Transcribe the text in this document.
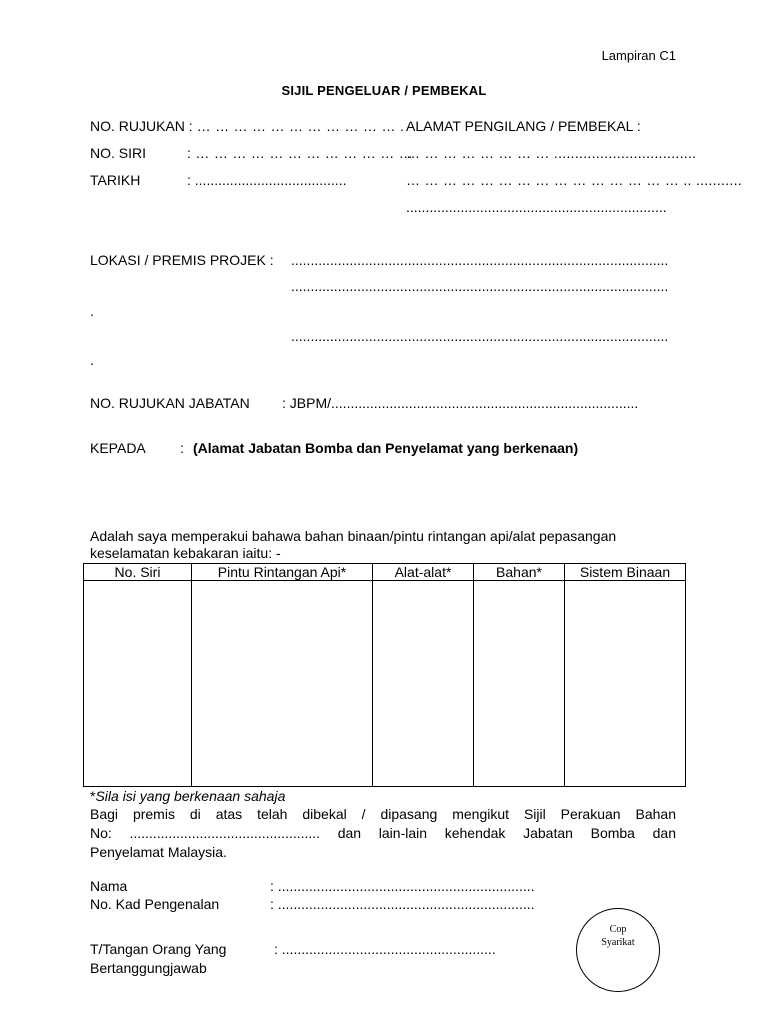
Lampiran C1
SIJIL PENGELUAR / PEMBEKAL
NO. RUJUKAN : … … … … … … … … … … … .
NO. SIRI	: … … … … … … … … … … … …
TARIKH	: .......................................
ALAMAT PENGILANG / PEMBEKAL :
… … … … … … … … ..................................
… … … … … … … … … … … … … … … .. ...........
...................................................................
LOKASI / PREMIS PROJEK : .................................................................................................
.................................................................................................
.
.................................................................................................
.
NO. RUJUKAN JABATAN : JBPM/...............................................................................
KEPADA : (Alamat Jabatan Bomba dan Penyelamat yang berkenaan)
Adalah saya memperakui bahawa bahan binaan/pintu rintangan api/alat pepasangan
keselamatan kebakaran iaitu: -
No. Siri	Pintu Rintangan Api*	Alat-alat*	Bahan*	Sistem Binaan

*Sila isi yang berkenaan sahaja
Bagi premis di atas telah dibekal / dipasang mengikut Sijil Perakuan Bahan
No: ................................................. dan lain-lain kehendak Jabatan Bomba dan
Penyelamat Malaysia.
Nama	: ..................................................................
No. Kad Pengenalan	: ..................................................................
T/Tangan Orang Yang
Bertanggungjawab
: .......................................................
Cop
Syarikat
